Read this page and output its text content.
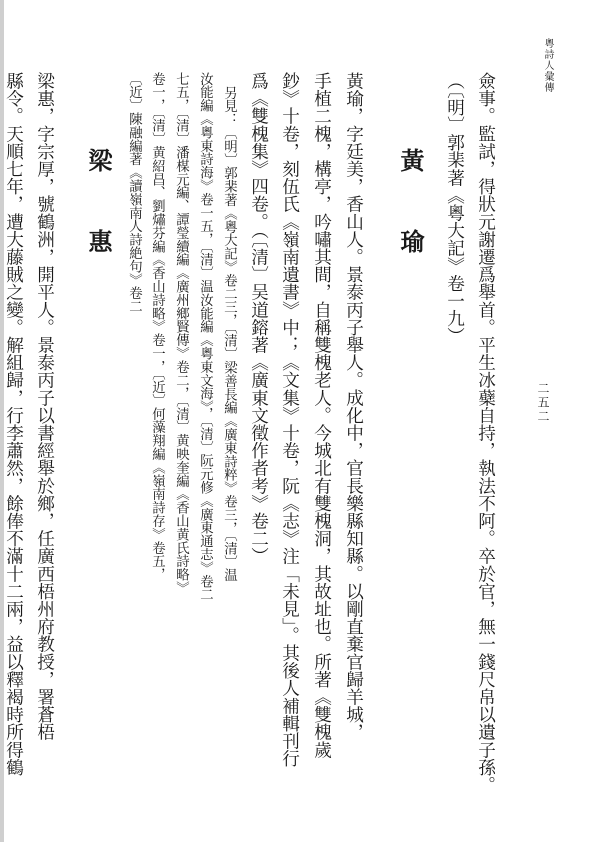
粵詩人彙傳
二五二
僉事。監試，得狀元謝遷爲舉首。平生冰蘗自持，執法不阿。卒於官，無一錢尺帛以遺子孫。
（〔明〕郭棐著《粵大記》卷一九）
黃 瑜
黃瑜，字廷美，香山人。景泰丙子舉人。成化中，官長樂縣知縣。以剛直棄官歸羊城，
手植二槐，構亭，吟嘯其間，自稱雙槐老人。今城北有雙槐洞，其故址也。所著《雙槐歲
鈔》十卷，刻伍氏《嶺南遺書》中；《文集》十卷，阮《志》注「未見」。其後人補輯刊行
爲《雙槐集》四卷。（〔清〕吴道鎔著《廣東文徵作者考》卷二）
另見：〔明〕郭棐著《粵大記》卷二三，〔清〕梁善長編《廣東詩粹》卷三，〔清〕温
汝能編《粵東詩海》卷一五，〔清〕温汝能編《粵東文海》，〔清〕阮元修《廣東通志》卷二
七五，〔清〕潘楳元編、譚瑩續編《廣州鄉賢傳》卷二，〔清〕黄映奎編《香山黄氏詩略》
卷一，〔清〕黄紹昌、劉熽芬編《香山詩略》卷一，〔近〕何藻翔編《嶺南詩存》卷五，
〔近〕陳融編著《讀嶺南人詩絶句》卷二
梁 惠
梁惠，字宗厚，號鶴洲，開平人。景泰丙子以書經舉於鄉，任廣西梧州府教授，署蒼梧
縣令。天順七年，遭大藤賊之變。解組歸，行李蕭然，餘俸不滿十二兩，益以釋褐時所得鶴
